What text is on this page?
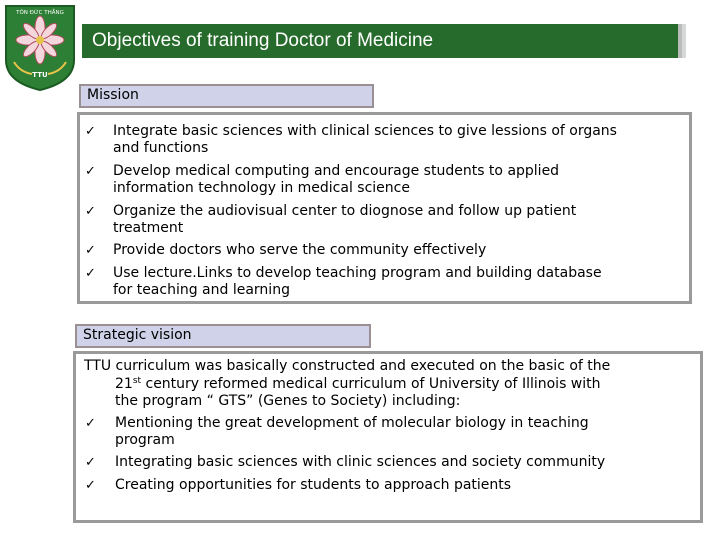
TÔN ĐỨC THẮNG
TTU
Objectives of training Doctor of Medicine
Mission
✓ Integrate basic sciences with clinical sciences to give lessions of organs
and functions
✓ Develop medical computing and encourage students to applied
information technology in medical science
✓ Organize the audiovisual center to diognose and follow up patient
treatment
✓ Provide doctors who serve the community effectively
✓ Use lecture.Links to develop teaching program and building database
for teaching and learning
Strategic vision
TTU curriculum was basically constructed and executed on the basic of the
21st century reformed medical curriculum of University of Illinois with
the program “ GTS” (Genes to Society) including:
✓ Mentioning the great development of molecular biology in teaching
program
✓ Integrating basic sciences with clinic sciences and society community
✓ Creating opportunities for students to approach patients
